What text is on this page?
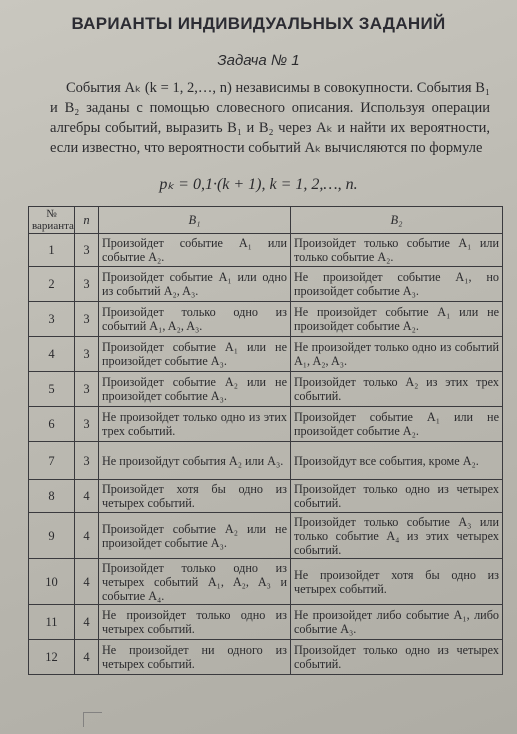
ВАРИАНТЫ ИНДИВИДУАЛЬНЫХ ЗАДАНИЙ
Задача № 1
События Aₖ (k = 1, 2,…, n) независимы в совокупности. События B₁ и B₂ заданы с помощью словесного описания. Используя операции алгебры событий, выразить B₁ и B₂ через Aₖ и найти их вероятности, если известно, что вероятности событий Aₖ вычисляются по формуле
pₖ = 0,1·(k + 1), k = 1, 2,…, n.
№ варианта	n	B₁	B₂
1	3	Произойдет событие A₁ или событие A₂.	Произойдет только событие A₁ или только событие A₂.
2	3	Произойдет событие A₁ или одно из событий A₂, A₃.	Не произойдет событие A₁, но произойдет событие A₃.
3	3	Произойдет только одно из событий A₁, A₂, A₃.	Не произойдет событие A₁ или не произойдет событие A₂.
4	3	Произойдет событие A₁ или не произойдет событие A₃.	Не произойдет только одно из событий A₁, A₂, A₃.
5	3	Произойдет событие A₂ или не произойдет событие A₃.	Произойдет только A₂ из этих трех событий.
6	3	Не произойдет только одно из этих трех событий.	Произойдет событие A₁ или не произойдет событие A₂.
7	3	Не произойдут события A₂ или A₃.	Произойдут все события, кроме A₂.
8	4	Произойдет хотя бы одно из четырех событий.	Произойдет только одно из четырех событий.
9	4	Произойдет событие A₂ или не произойдет событие A₃.	Произойдет только событие A₃ или только событие A₄ из этих четырех событий.
10	4	Произойдет только одно из четырех событий A₁, A₂, A₃ и событие A₄.	Не произойдет хотя бы одно из четырех событий.
11	4	Не произойдет только одно из четырех событий.	Не произойдет либо событие A₁, либо событие A₃.
12	4	Не произойдет ни одного из четырех событий.	Произойдет только одно из четырех событий.
